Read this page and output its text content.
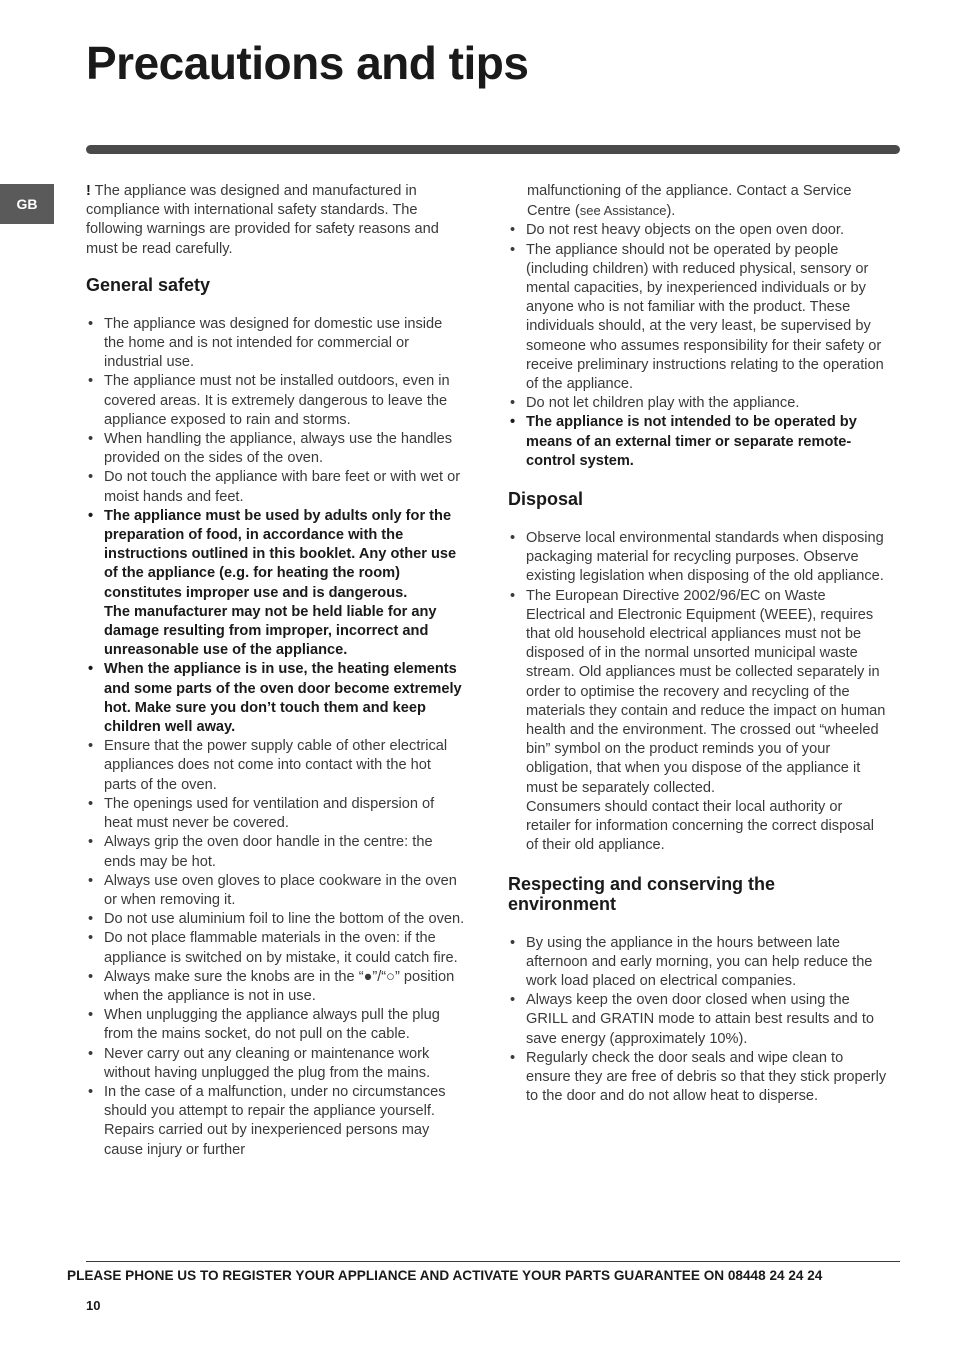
Precautions and tips
GB

! The appliance was designed and manufactured in compliance with international safety standards. The following warnings are provided for safety reasons and must be read carefully.

General safety
• The appliance was designed for domestic use inside the home and is not intended for commercial or industrial use.
• The appliance must not be installed outdoors, even in covered areas. It is extremely dangerous to leave the appliance exposed to rain and storms.
• When handling the appliance, always use the handles provided on the sides of the oven.
• Do not touch the appliance with bare feet or with wet or moist hands and feet.
• The appliance must be used by adults only for the preparation of food, in accordance with the instructions outlined in this booklet. Any other use of the appliance (e.g. for heating the room) constitutes improper use and is dangerous.
The manufacturer may not be held liable for any damage resulting from improper, incorrect and unreasonable use of the appliance.
• When the appliance is in use, the heating elements and some parts of the oven door become extremely hot. Make sure you don’t touch them and keep children well away.
• Ensure that the power supply cable of other electrical appliances does not come into contact with the hot parts of the oven.
• The openings used for ventilation and dispersion of heat must never be covered.
• Always grip the oven door handle in the centre: the ends may be hot.
• Always use oven gloves to place cookware in the oven or when removing it.
• Do not use aluminium foil to line the bottom of the oven.
• Do not place flammable materials in the oven: if the appliance is switched on by mistake, it could catch fire.
• Always make sure the knobs are in the “●”/“○” position when the appliance is not in use.
• When unplugging the appliance always pull the plug from the mains socket, do not pull on the cable.
• Never carry out any cleaning or maintenance work without having unplugged the plug from the mains.
• In the case of a malfunction, under no circumstances should you attempt to repair the appliance yourself. Repairs carried out by inexperienced persons may cause injury or further

malfunctioning of the appliance. Contact a Service Centre (see Assistance).

• Do not rest heavy objects on the open oven door.
• The appliance should not be operated by people (including children) with reduced physical, sensory or mental capacities, by inexperienced individuals or by anyone who is not familiar with the product. These individuals should, at the very least, be supervised by someone who assumes responsibility for their safety or receive preliminary instructions relating to the operation of the appliance.
• Do not let children play with the appliance.
• The appliance is not intended to be operated by means of an external timer or separate remote-control system.
Disposal
• Observe local environmental standards when disposing packaging material for recycling purposes. Observe existing legislation when disposing of the old appliance.
• The European Directive 2002/96/EC on Waste Electrical and Electronic Equipment (WEEE), requires that old household electrical appliances must not be disposed of in the normal unsorted municipal waste stream. Old appliances must be collected separately in order to optimise the recovery and recycling of the materials they contain and reduce the impact on human health and the environment. The crossed out “wheeled bin” symbol on the product reminds you of your obligation, that when you dispose of the appliance it must be separately collected.
Consumers should contact their local authority or retailer for information concerning the correct disposal of their old appliance.
Respecting and conserving the environment
• By using the appliance in the hours between late afternoon and early morning, you can help reduce the work load placed on electrical companies.
• Always keep the oven door closed when using the GRILL and GRATIN mode to attain best results and to save energy (approximately 10%).
• Regularly check the door seals and wipe clean to ensure they are free of debris so that they stick properly to the door and do not allow heat to disperse.
PLEASE PHONE US TO REGISTER YOUR APPLIANCE AND ACTIVATE YOUR PARTS GUARANTEE ON 08448 24 24 24
10
